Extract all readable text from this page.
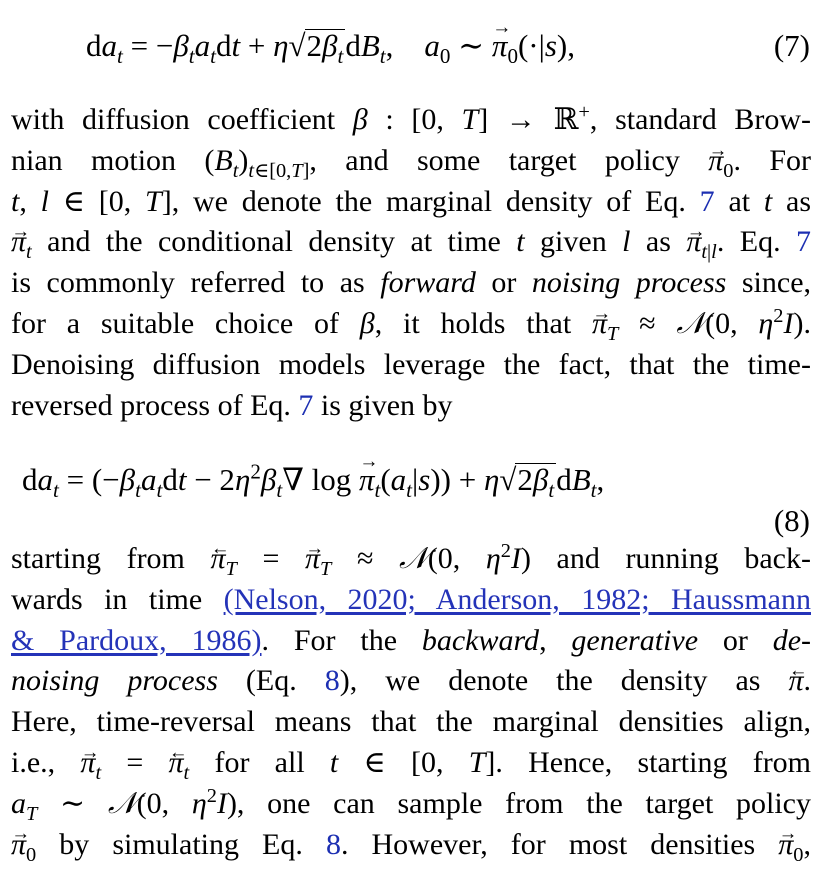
$da_t = -\beta_ta_tdt + \eta√2\beta_tdB_t$,    $a_0$ ∼ → $\pi_0(\cdot|s)$,	(7)
with diffusion coefficient β : [0, T] → ℝ+, standard Brow-
nian motion $(B_t)_{t\in[0,T]}$, and some target policy → $\pi_0$. For
t, l ∈ [0, T], we denote the marginal density of Eq. 7 at t as
→ $\pi_t$ and the conditional density at time t given l as → $\pi_{t|l}$. Eq. 7
is commonly referred to as forward or noising process since,
for a suitable choice of β, it holds that → $\pi_T$ ≈ 𝒩(0, $\eta^2I$).
Denoising diffusion models leverage the fact, that the time-
reversed process of Eq. 7 is given by
$da_t = (-\beta_ta_tdt - 2\eta^2\beta_t\nabla$ $\log \to \pi_t(a_t|s)) + \eta√2\beta_tdB_t$,
(8)
starting from ← $\pi_T$ = → $\pi_T$ ≈ 𝒩(0, $\eta^2I$) and running back-
wards in time (Nelson, 2020; Anderson, 1982; Haussmann
& Pardoux, 1986). For the backward, generative or de-
noising process (Eq. 8), we denote the density as ← π.
Here, time-reversal means that the marginal densities align,
i.e., → $\pi_t$ = ← $\pi_t$ for all t ∈ [0, T]. Hence, starting from
$a_T$ ∼ 𝒩(0, $\eta^2I$), one can sample from the target policy
→ $\pi_0$ by simulating Eq. 8. However, for most densities → $\pi_0$,
